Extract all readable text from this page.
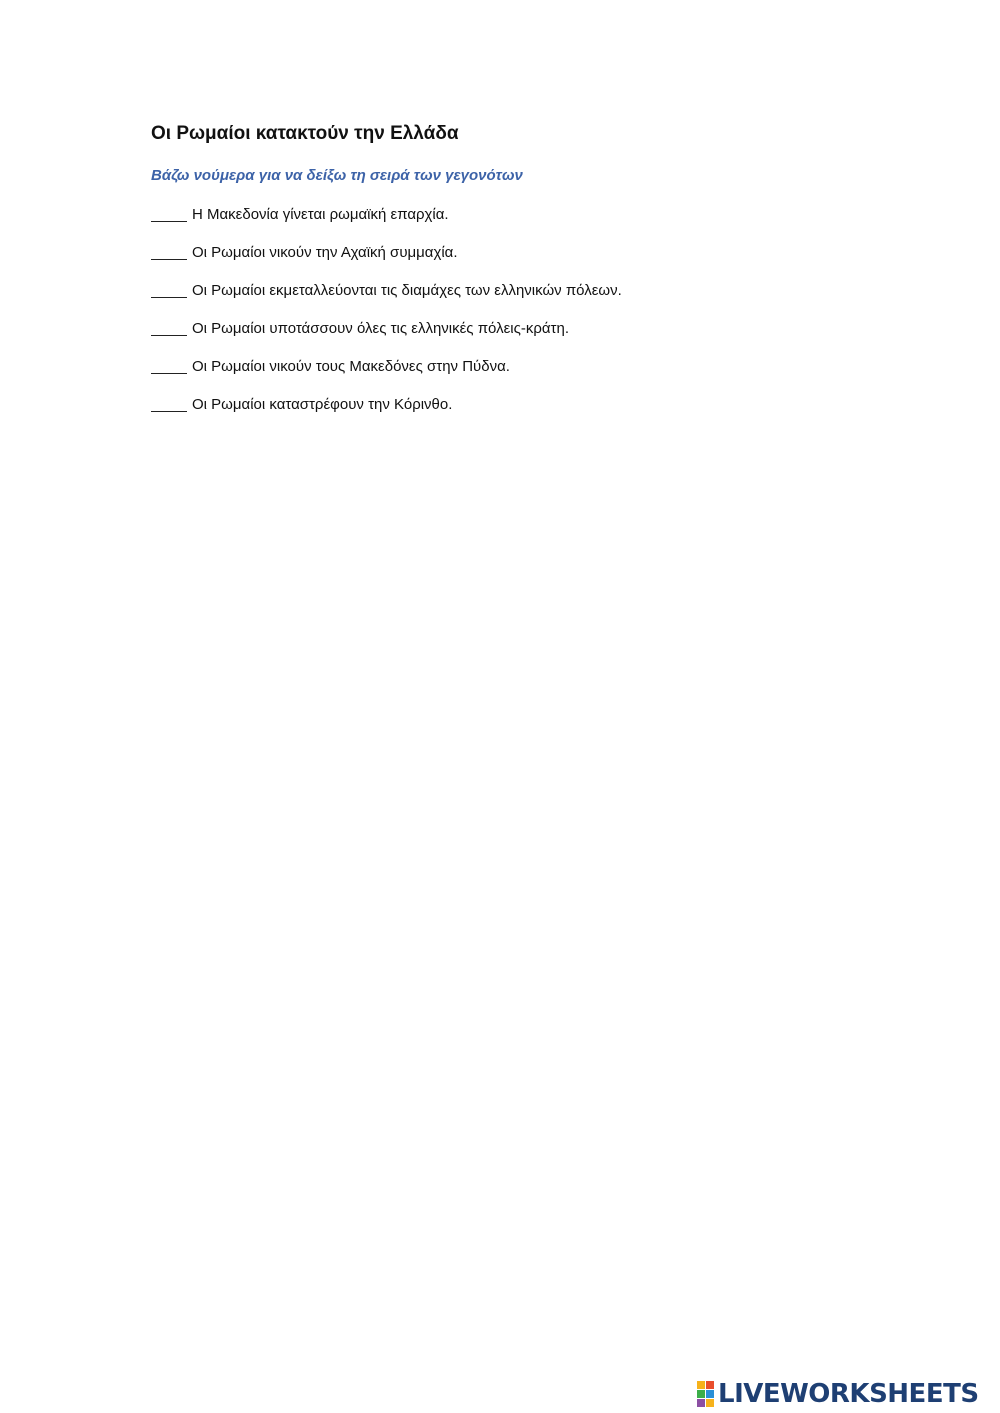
Οι Ρωμαίοι κατακτούν την Ελλάδα

Βάζω νούμερα για να δείξω τη σειρά των γεγονότων

Η Μακεδονία γίνεται ρωμαϊκή επαρχία.
Οι Ρωμαίοι νικούν την Αχαϊκή συμμαχία.
Οι Ρωμαίοι εκμεταλλεύονται τις διαμάχες των ελληνικών πόλεων.
Οι Ρωμαίοι υποτάσσουν όλες τις ελληνικές πόλεις-κράτη.
Οι Ρωμαίοι νικούν τους Μακεδόνες στην Πύδνα.
Οι Ρωμαίοι καταστρέφουν την Κόρινθο.
LIVEWORKSHEETS
